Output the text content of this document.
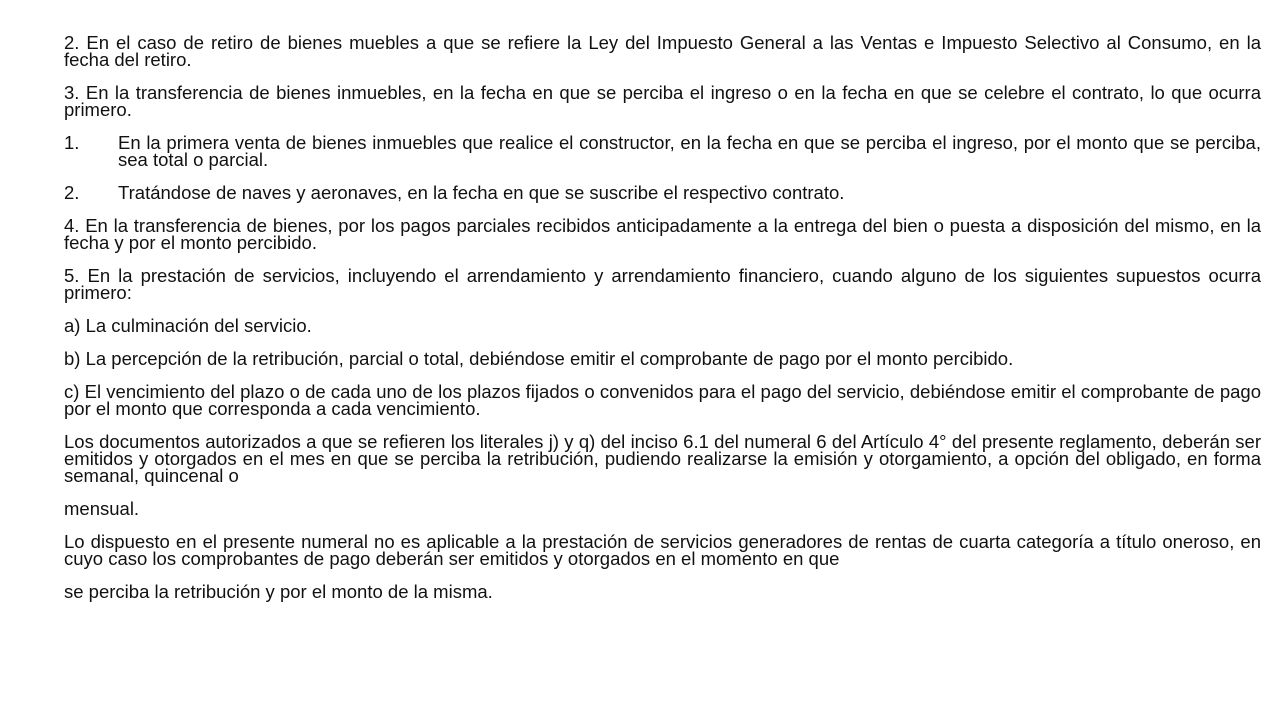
2. En el caso de retiro de bienes muebles a que se refiere la Ley del Impuesto General a las Ventas e Impuesto Selectivo al Consumo, en la fecha del retiro.

3. En la transferencia de bienes inmuebles, en la fecha en que se perciba el ingreso o en la fecha en que se celebre el contrato, lo que ocurra primero.

1.	En la primera venta de bienes inmuebles que realice el constructor, en la fecha en que se perciba el ingreso, por el monto que se perciba, sea total o parcial.
2.	Tratándose de naves y aeronaves, en la fecha en que se suscribe el respectivo contrato.

4. En la transferencia de bienes, por los pagos parciales recibidos anticipadamente a la entrega del bien o puesta a disposición del mismo, en la fecha y por el monto percibido.

5. En la prestación de servicios, incluyendo el arrendamiento y arrendamiento financiero, cuando alguno de los siguientes supuestos ocurra primero:

a) La culminación del servicio.

b) La percepción de la retribución, parcial o total, debiéndose emitir el comprobante de pago por el monto percibido.

c) El vencimiento del plazo o de cada uno de los plazos fijados o convenidos para el pago del servicio, debiéndose emitir el comprobante de pago por el monto que corresponda a cada vencimiento.

Los documentos autorizados a que se refieren los literales j) y q) del inciso 6.1 del numeral 6 del Artículo 4° del presente reglamento, deberán ser emitidos y otorgados en el mes en que se perciba la retribución, pudiendo realizarse la emisión y otorgamiento, a opción del obligado, en forma semanal, quincenal o

mensual.

Lo dispuesto en el presente numeral no es aplicable a la prestación de servicios generadores de rentas de cuarta categoría a título oneroso, en cuyo caso los comprobantes de pago deberán ser emitidos y otorgados en el momento en que

se perciba la retribución y por el monto de la misma.
